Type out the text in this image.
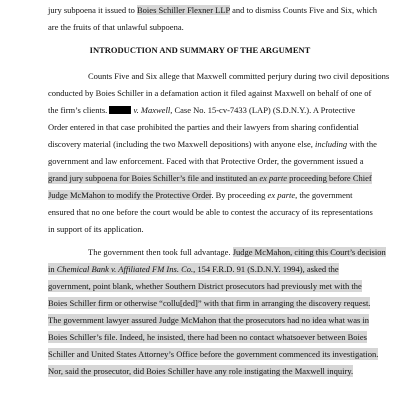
jury subpoena it issued to Boies Schiller Flexner LLP and to dismiss Counts Five and Six, which
are the fruits of that unlawful subpoena.
INTRODUCTION AND SUMMARY OF THE ARGUMENT
Counts Five and Six allege that Maxwell committed perjury during two civil depositions
conducted by Boies Schiller in a defamation action it filed against Maxwell on behalf of one of
the firm’s clients.	v. Maxwell, Case No. 15-cv-7433 (LAP) (S.D.N.Y.). A Protective
Order entered in that case prohibited the parties and their lawyers from sharing confidential
discovery material (including the two Maxwell depositions) with anyone else, including with the
government and law enforcement. Faced with that Protective Order, the government issued a
grand jury subpoena for Boies Schiller’s file and instituted an ex parte proceeding before Chief
Judge McMahon to modify the Protective Order. By proceeding ex parte, the government
ensured that no one before the court would be able to contest the accuracy of its representations
in support of its application.
The government then took full advantage. Judge McMahon, citing this Court’s decision
in Chemical Bank v. Affiliated FM Ins. Co., 154 F.R.D. 91 (S.D.N.Y. 1994), asked the
government, point blank, whether Southern District prosecutors had previously met with the
Boies Schiller firm or otherwise “collu[ded]” with that firm in arranging the discovery request.
The government lawyer assured Judge McMahon that the prosecutors had no idea what was in
Boies Schiller’s file. Indeed, he insisted, there had been no contact whatsoever between Boies
Schiller and United States Attorney’s Office before the government commenced its investigation.
Nor, said the prosecutor, did Boies Schiller have any role instigating the Maxwell inquiry.
